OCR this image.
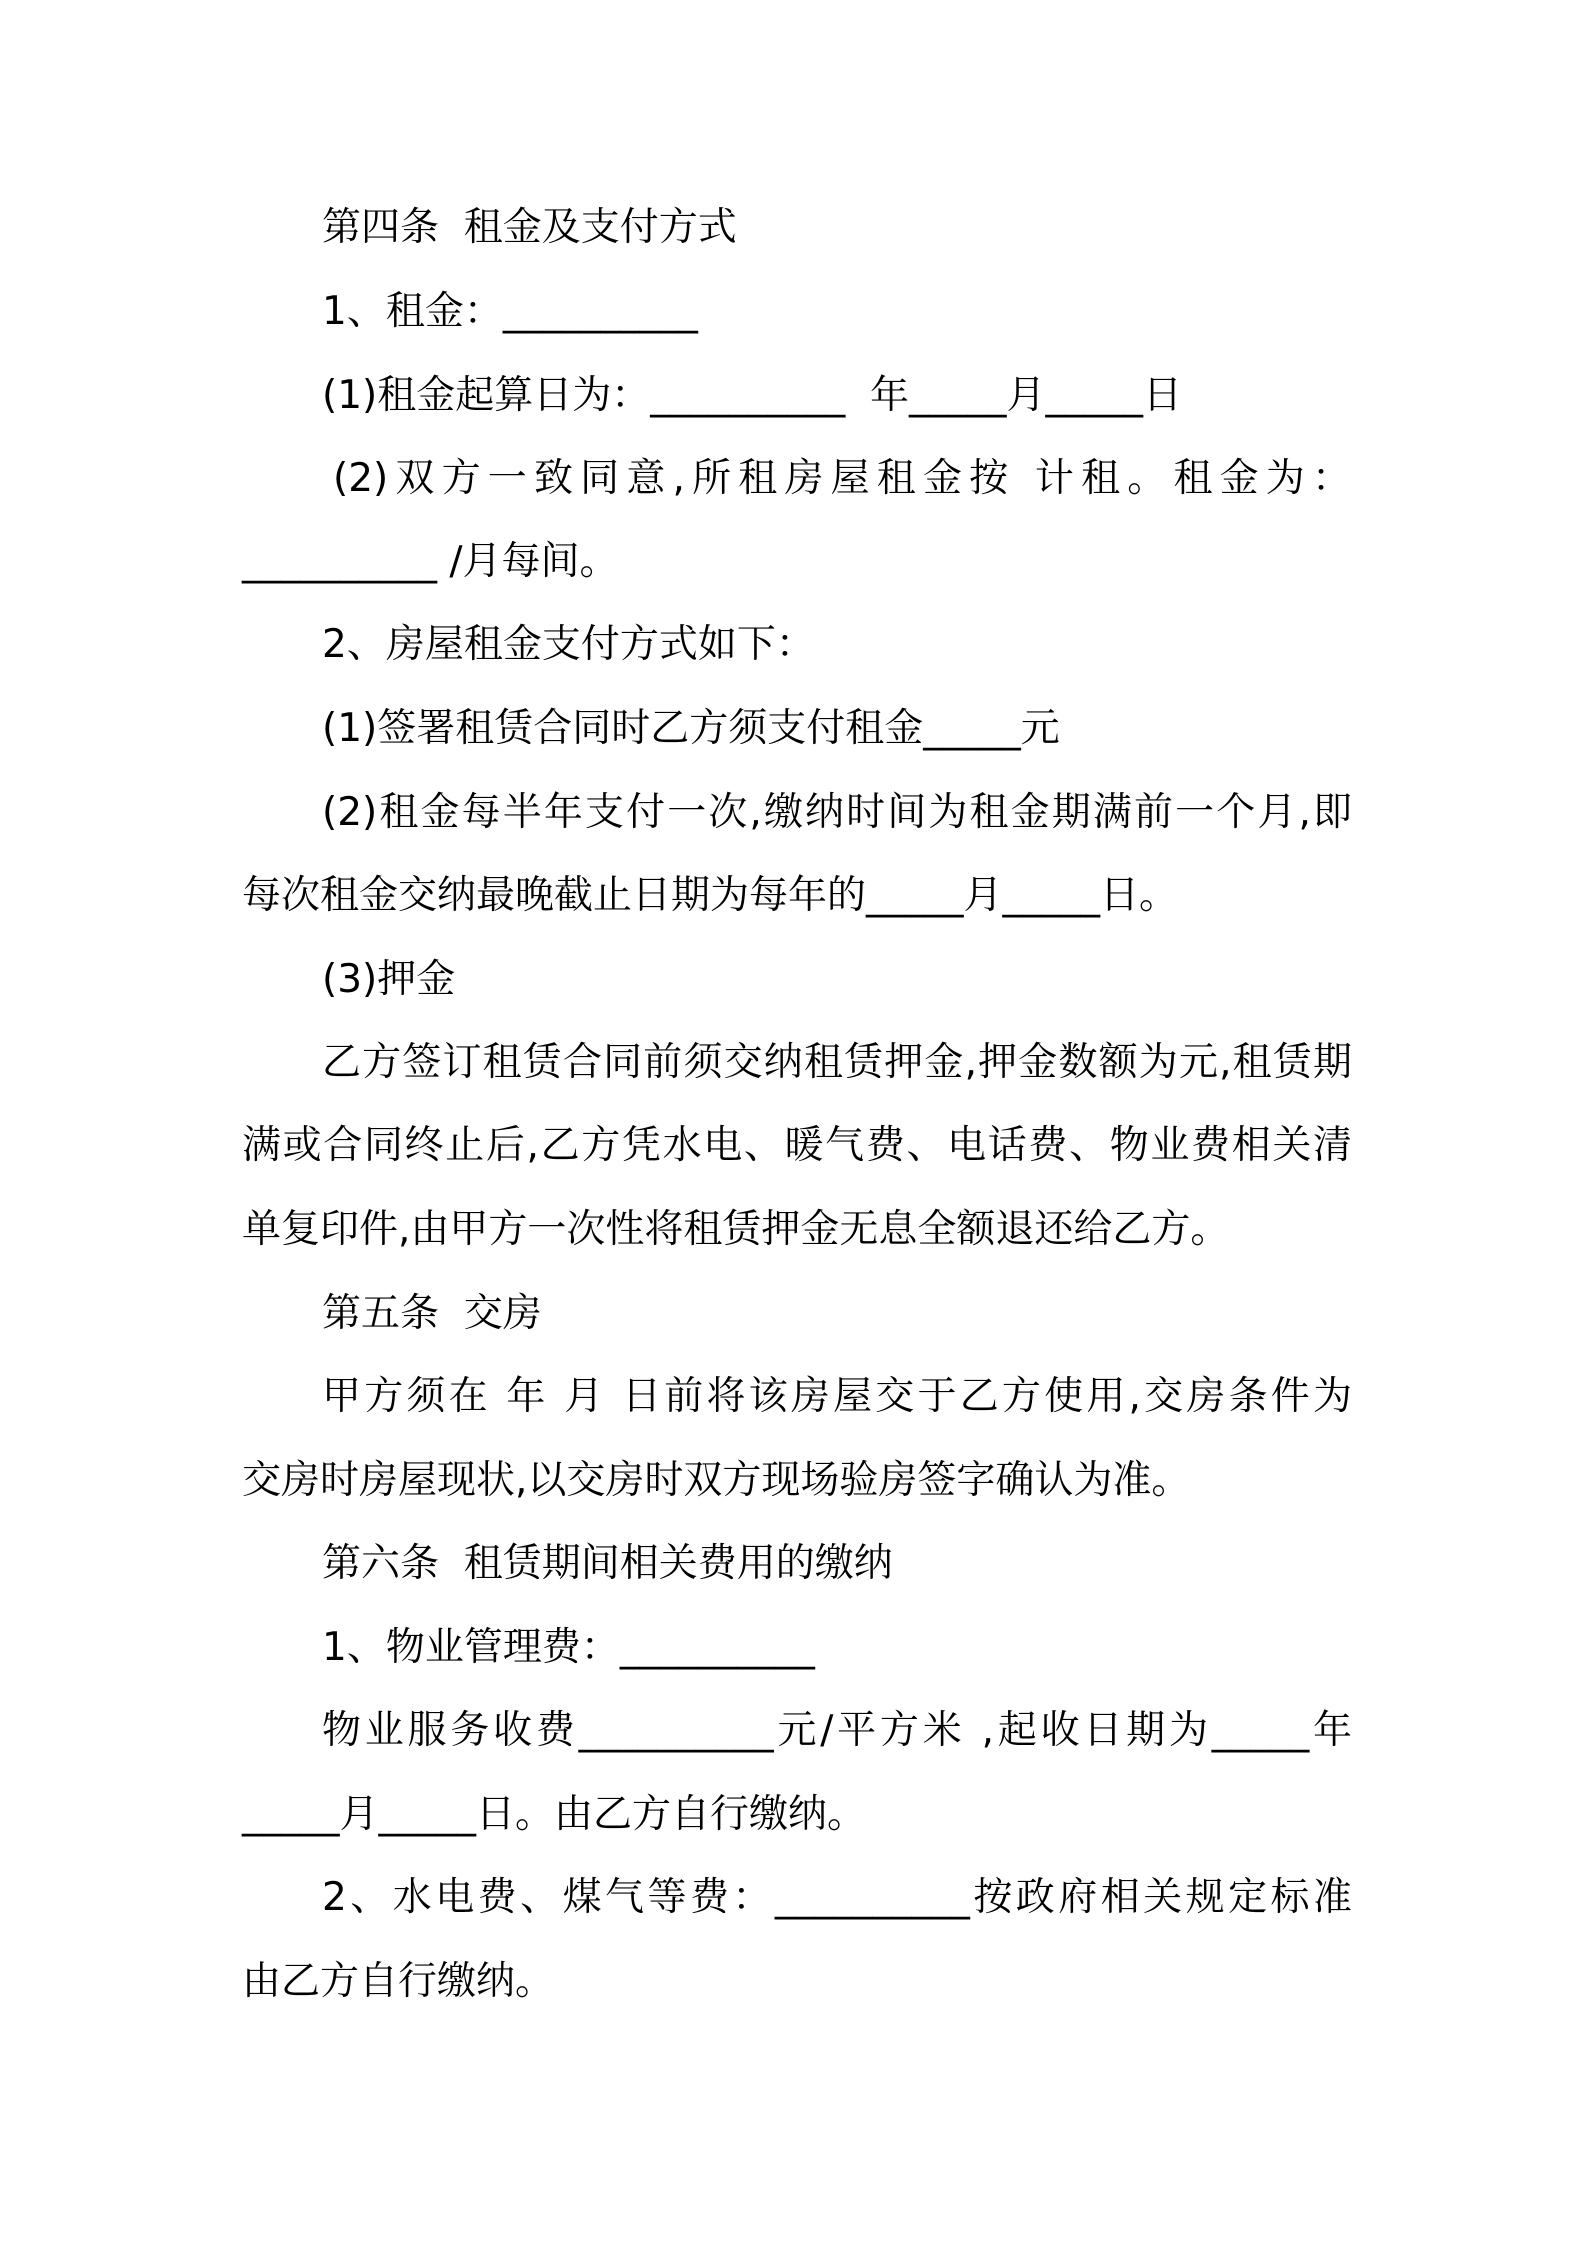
第四条  租金及支付方式

1、租金：__________

(1)租金起算日为：__________  年_____月_____日

(2)双方一致同意,所租房屋租金按 计租。租金为：

__________ /月每间。

2、房屋租金支付方式如下：

(1)签署租赁合同时乙方须支付租金_____元

(2)租金每半年支付一次,缴纳时间为租金期满前一个月,即

每次租金交纳最晚截止日期为每年的_____月_____日。

(3)押金

乙方签订租赁合同前须交纳租赁押金,押金数额为元,租赁期

满或合同终止后,乙方凭水电、暖气费、电话费、物业费相关清

单复印件,由甲方一次性将租赁押金无息全额退还给乙方。

第五条  交房

甲方须在 年 月 日前将该房屋交于乙方使用,交房条件为

交房时房屋现状,以交房时双方现场验房签字确认为准。

第六条  租赁期间相关费用的缴纳

1、物业管理费：__________

物业服务收费__________元/平方米 ,起收日期为_____年

_____月_____日。由乙方自行缴纳。

2、水电费、煤气等费：__________按政府相关规定标准

由乙方自行缴纳。
